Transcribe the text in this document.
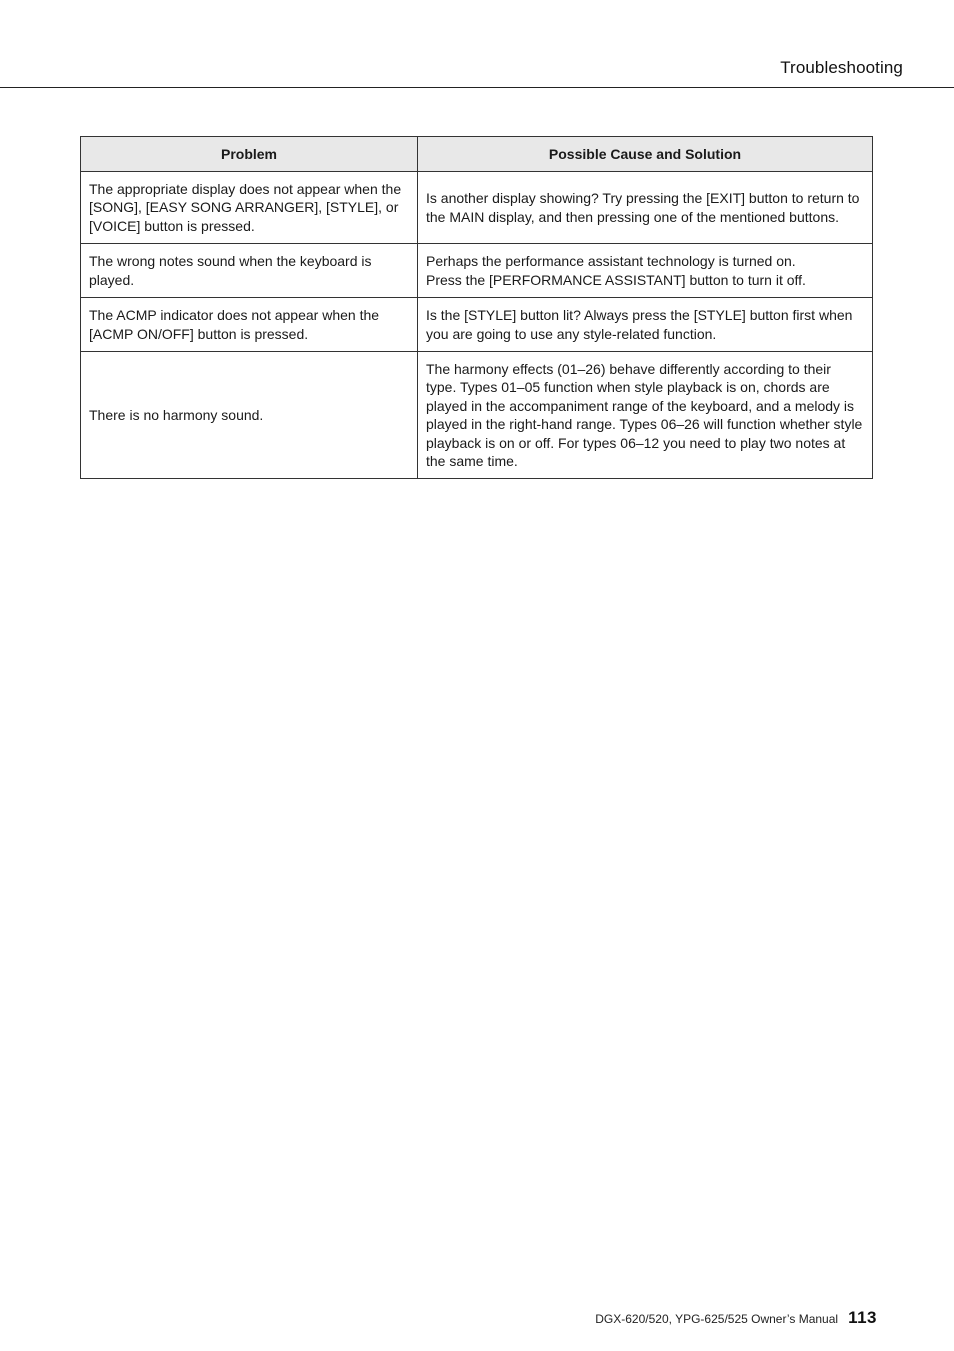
Troubleshooting
Problem	Possible Cause and Solution
The appropriate display does not appear when the [SONG], [EASY SONG ARRANGER], [STYLE], or [VOICE] button is pressed.	Is another display showing? Try pressing the [EXIT] button to return to the MAIN display, and then pressing one of the mentioned buttons.
The wrong notes sound when the keyboard is played.	Perhaps the performance assistant technology is turned on.
Press the [PERFORMANCE ASSISTANT] button to turn it off.
The ACMP indicator does not appear when the [ACMP ON/OFF] button is pressed.	Is the [STYLE] button lit? Always press the [STYLE] button first when you are going to use any style-related function.
There is no harmony sound.	The harmony effects (01–26) behave differently according to their type. Types 01–05 function when style playback is on, chords are played in the accompaniment range of the keyboard, and a melody is played in the right-hand range. Types 06–26 will function whether style playback is on or off. For types 06–12 you need to play two notes at the same time.
DGX-620/520, YPG-625/525 Owner’s Manual 113
